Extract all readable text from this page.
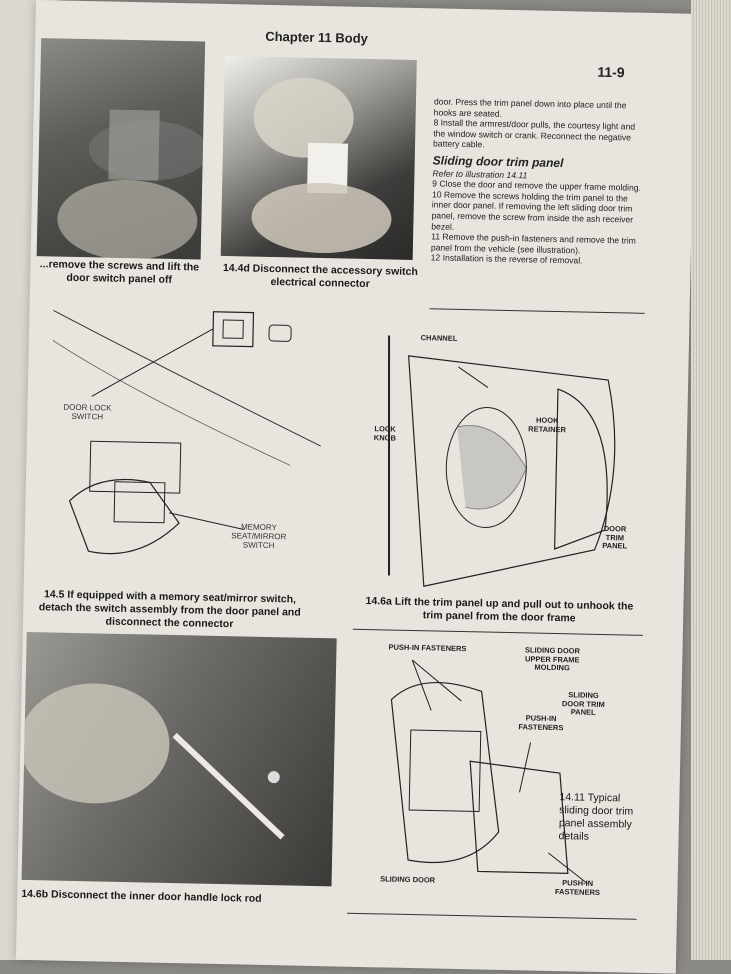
Chapter 11 Body
11-9
...remove the screws and lift the door switch panel off
14.4d Disconnect the accessory switch electrical connector

door. Press the trim panel down into place until the hooks are seated.

8 Install the armrest/door pulls, the courtesy light and the window switch or crank. Reconnect the negative battery cable.

Sliding door trim panel

Refer to illustration 14.11

9 Close the door and remove the upper frame molding.

10 Remove the screws holding the trim panel to the inner door panel. If removing the left sliding door trim panel, remove the screw from inside the ash receiver bezel.

11 Remove the push-in fasteners and remove the trim panel from the vehicle (see illustration).

12 Installation is the reverse of removal.

DOOR LOCK SWITCH
MEMORY SEAT/MIRROR SWITCH
14.5 If equipped with a memory seat/mirror switch, detach the switch assembly from the door panel and disconnect the connector
CHANNEL
LOCK KNOB
HOOK RETAINER
DOOR TRIM PANEL
14.6a Lift the trim panel up and pull out to unhook the trim panel from the door frame
14.6b Disconnect the inner door handle lock rod
PUSH-IN FASTENERS	SLIDING DOOR UPPER FRAME MOLDING
SLIDING DOOR TRIM PANEL
PUSH-IN FASTENERS
SLIDING DOOR	PUSH-IN FASTENERS
14.11 Typical sliding door trim panel assembly details
